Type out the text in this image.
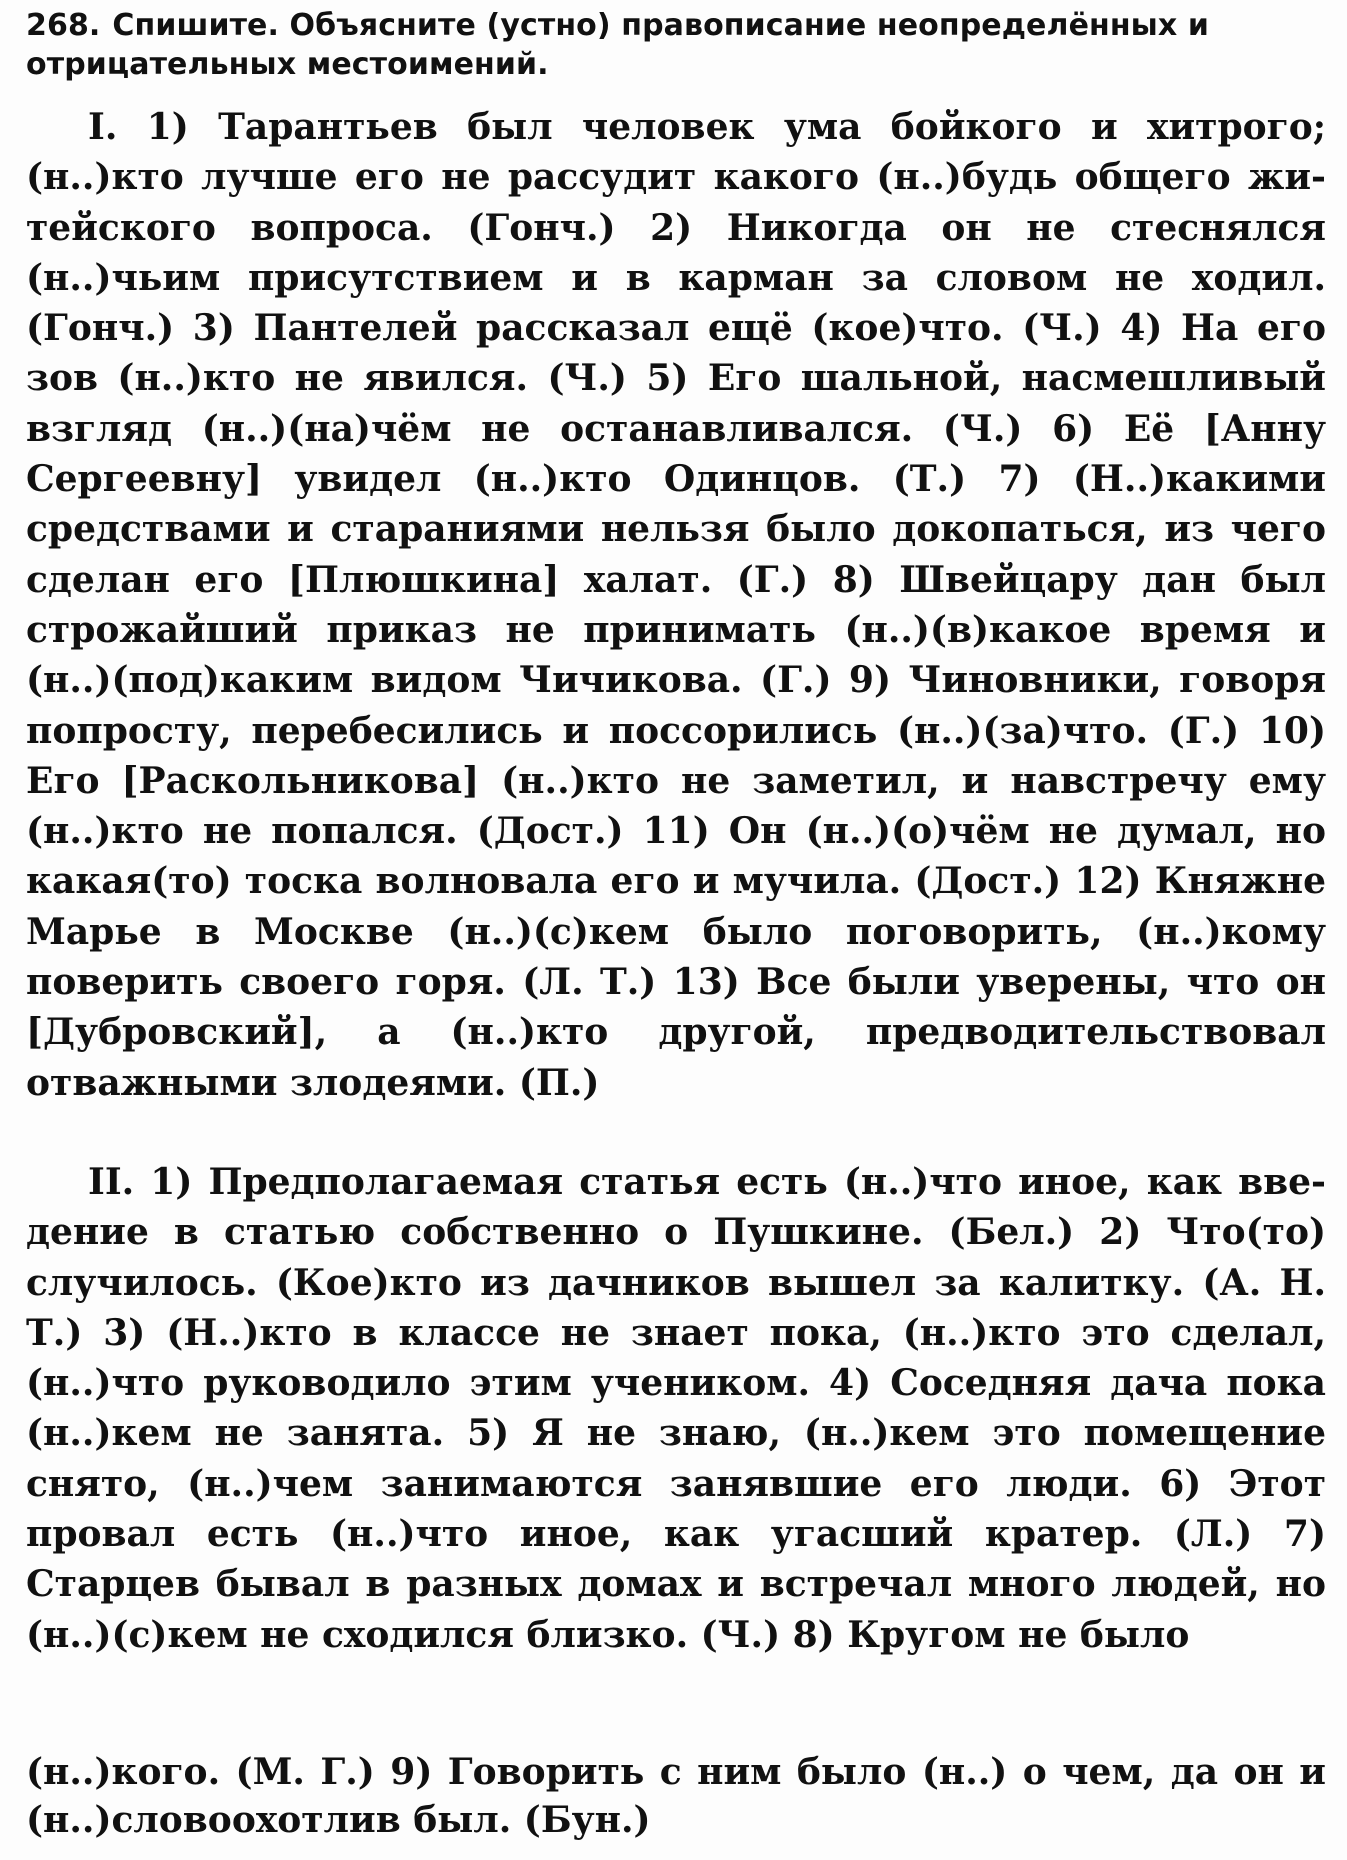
268. Спишите. Объясните (устно) правописание неопределённых и отрицательных местоимений.
I. 1) Тарантьев был человек ума бойкого и хитрого; (н..)кто лучше его не рассудит какого (н..)будь общего житейского вопроса. (Гонч.) 2) Никогда он не стеснялся (н..)чьим присутствием и в карман за словом не ходил. (Гонч.) 3) Пантелей рассказал ещё (кое)что. (Ч.) 4) На его зов (н..)кто не явился. (Ч.) 5) Его шальной, насмешливый взгляд (н..)(на)чём не останавливался. (Ч.) 6) Её [Анну Сергеевну] увидел (н..)кто Одинцов. (Т.) 7) (Н..)какими средствами и стараниями нельзя было докопаться, из чего сделан его [Плюшкина] халат. (Г.) 8) Швейцару дан был строжайший приказ не принимать (н..)(в)какое время и (н..)(под)каким видом Чичикова. (Г.) 9) Чиновники, говоря попросту, перебесились и поссорились (н..)(за)что. (Г.) 10) Его [Раскольникова] (н..)кто не заметил, и навстречу ему (н..)кто не попался. (Дост.) 11) Он (н..)(о)чём не думал, но какая(то) тоска волновала его и мучила. (Дост.) 12) Княжне Марье в Москве (н..)(с)кем было поговорить, (н..)кому поверить своего горя. (Л. Т.) 13) Все были уверены, что он [Дубровский], а (н..)кто другой, предводительствовал отважными злодеями. (П.)
II. 1) Предполагаемая статья есть (н..)что иное, как введение в статью собственно о Пушкине. (Бел.) 2) Что(то) случилось. (Кое)кто из дачников вышел за калитку. (А. Н. Т.) 3) (Н..)кто в классе не знает пока, (н..)кто это сделал, (н..)что руководило этим учеником. 4) Соседняя дача пока (н..)кем не занята. 5) Я не знаю, (н..)кем это помещение снято, (н..)чем занимаются занявшие его люди. 6) Этот провал есть (н..)что иное, как угасший кратер. (Л.) 7) Старцев бывал в разных домах и встречал много людей, но (н..)(с)кем не сходился близко. (Ч.) 8) Кругом не было
(н..)кого. (М. Г.) 9) Говорить с ним было (н..) о чем, да он и (н..)словоохотлив был. (Бун.)
